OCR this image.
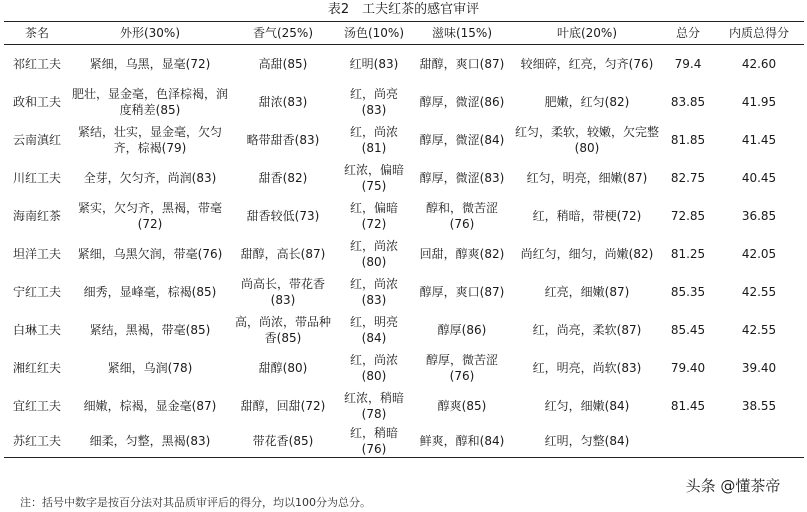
表2　工夫红茶的感官审评
茶名	外形(30%)	香气(25%)	汤色(10%)	滋味(15%)	叶底(20%)	总分	内质总得分
祁红工夫	紧细，乌黑，显毫(72)	高甜(85)	红明(83)	甜醇，爽口(87)	较细碎，红亮，匀齐(76)	79.4	42.60
政和工夫	肥壮，显金毫，色泽棕褐，润度稍差(85)	甜浓(83)	红，尚亮(83)	醇厚，微涩(86)	肥嫩，红匀(82)	83.85	41.95
云南滇红	紧结，壮实，显金毫，欠匀齐，棕褐(79)	略带甜香(83)	红，尚浓(81)	醇厚，微涩(84)	红匀，柔软，较嫩，欠完整(80)	81.85	41.45
川红工夫	全芽，欠匀齐，尚润(83)	甜香(82)	红浓，偏暗(75)	醇厚，微涩(83)	红匀，明亮，细嫩(87)	82.75	40.45
海南红茶	紧实，欠匀齐，黑褐，带毫(72)	甜香较低(73)	红，偏暗(72)	醇和，微苦涩(76)	红，稍暗，带梗(72)	72.85	36.85
坦洋工夫	紧细，乌黑欠润，带毫(76)	甜醇，高长(87)	红，尚浓(80)	回甜，醇爽(82)	尚红匀，细匀，尚嫩(82)	81.25	42.05
宁红工夫	细秀，显峰毫，棕褐(85)	尚高长，带花香(83)	红，尚浓(83)	醇厚，爽口(87)	红亮，细嫩(87)	85.35	42.55
白琳工夫	紧结，黑褐，带毫(85)	高，尚浓，带品种香(85)	红，明亮(84)	醇厚(86)	红，尚亮，柔软(87)	85.45	42.55
湘红红夫	紧细，乌润(78)	甜醇(80)	红，尚浓(80)	醇厚，微苦涩(76)	红，明亮，尚软(83)	79.40	39.40
宜红工夫	细嫩，棕褐，显金毫(87)	甜醇，回甜(72)	红浓，稍暗(78)	醇爽(85)	红匀，细嫩(84)	81.45	38.55
苏红工夫	细柔，匀整，黑褐(83)	带花香(85)	红，稍暗(76)	鲜爽，醇和(84)	红明，匀整(84)		
注：括号中数字是按百分法对其品质审评后的得分，均以100分为总分。
头条 @懂茶帝
